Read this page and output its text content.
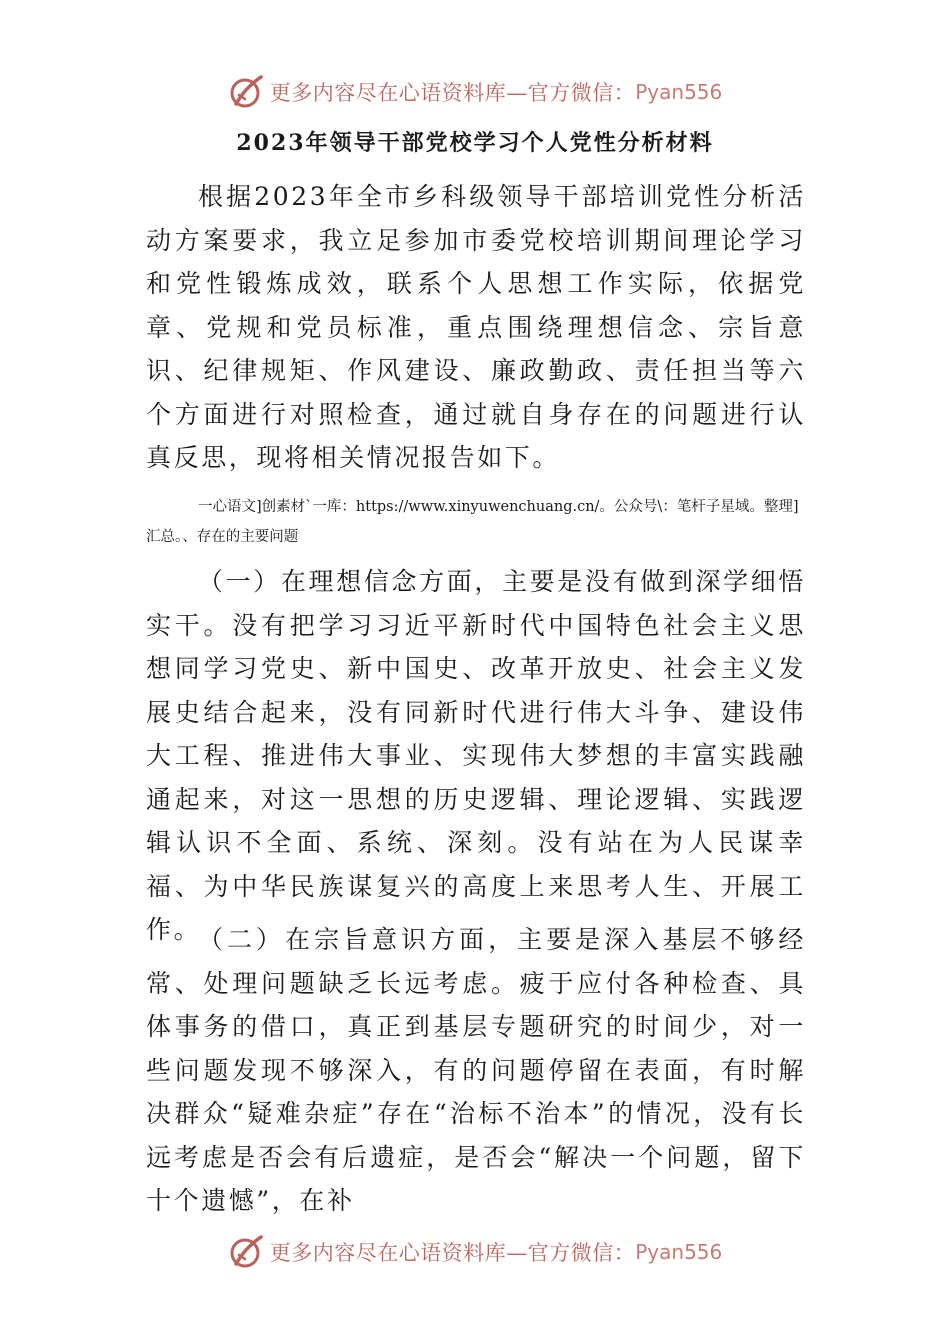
更多内容尽在心语资料库—官方微信： Pyan556
2023年领导干部党校学习个人党性分析材料

根据2023年全市乡科级领导干部培训党性分析活动方案要求，我立足参加市委党校培训期间理论学习和党性锻炼成效，联系个人思想工作实际，依据党章、党规和党员标准，重点围绕理想信念、宗旨意识、纪律规矩、作风建设、廉政勤政、责任担当等六个方面进行对照检查，通过就自身存在的问题进行认真反思，现将相关情况报告如下。

一心语文]创素材`一库：https://www.xinyuwenchuang.cn/。公众号\：笔杆子星域。整理]汇总。、存在的主要问题

（一）在理想信念方面，主要是没有做到深学细悟实干。没有把学习习近平新时代中国特色社会主义思想同学习党史、新中国史、改革开放史、社会主义发展史结合起来，没有同新时代进行伟大斗争、建设伟大工程、推进伟大事业、实现伟大梦想的丰富实践融通起来，对这一思想的历史逻辑、理论逻辑、实践逻辑认识不全面、系统、深刻。没有站在为人民谋幸福、为中华民族谋复兴的高度上来思考人生、开展工作。

（二）在宗旨意识方面，主要是深入基层不够经常、处理问题缺乏长远考虑。疲于应付各种检查、具体事务的借口，真正到基层专题研究的时间少，对一些问题发现不够深入，有的问题停留在表面，有时解决群众“疑难杂症”存在“治标不治本”的情况，没有长远考虑是否会有后遗症，是否会“解决一个问题，留下十个遗憾”，在补

更多内容尽在心语资料库—官方微信： Pyan556
